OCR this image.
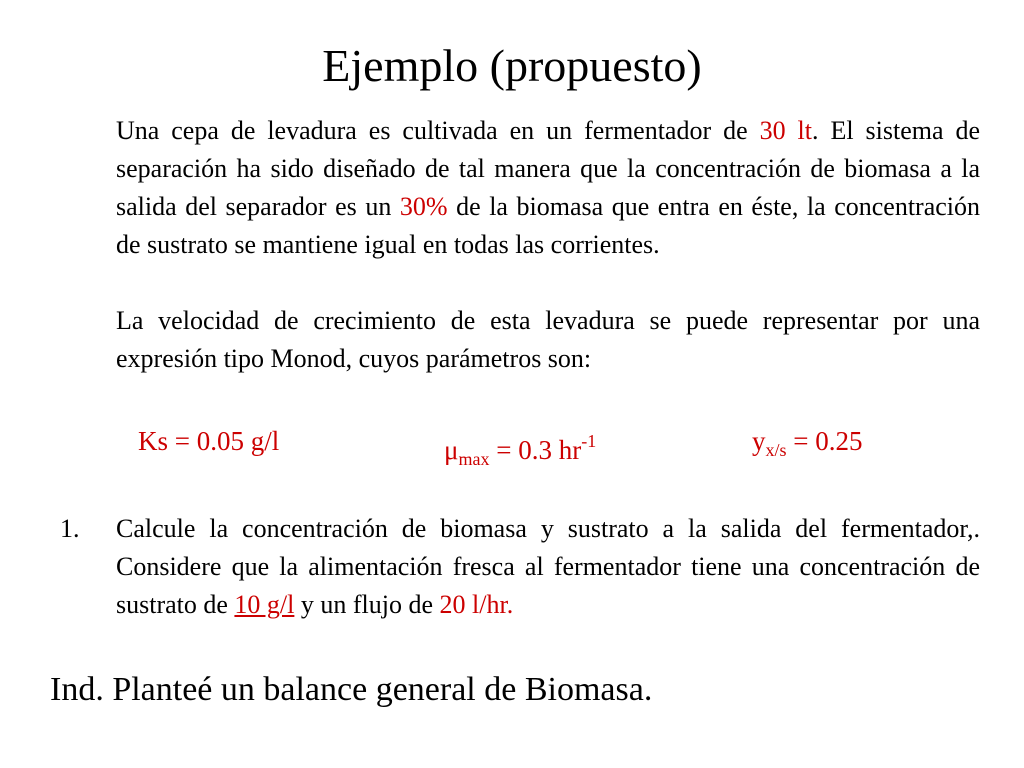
Ejemplo (propuesto)
Una cepa de levadura es cultivada en un fermentador de 30 lt. El sistema de separación ha sido diseñado de tal manera que la concentración de biomasa a la salida del separador es un 30% de la biomasa que entra en éste, la concentración de sustrato se mantiene igual en todas las corrientes.
La velocidad de crecimiento de esta levadura se puede representar por una expresión tipo Monod, cuyos parámetros son:
Ks = 0.05 g/l	$\mu_{max} = 0.3$ $hr^{-1}$	$y_{x/s} = 0.25$
1. Calcule la concentración de biomasa y sustrato a la salida del fermentador,. Considere que la alimentación fresca al fermentador tiene una concentración de sustrato de 10 g/l y un flujo de 20 l/hr.
Ind. Planteé un balance general de Biomasa.
